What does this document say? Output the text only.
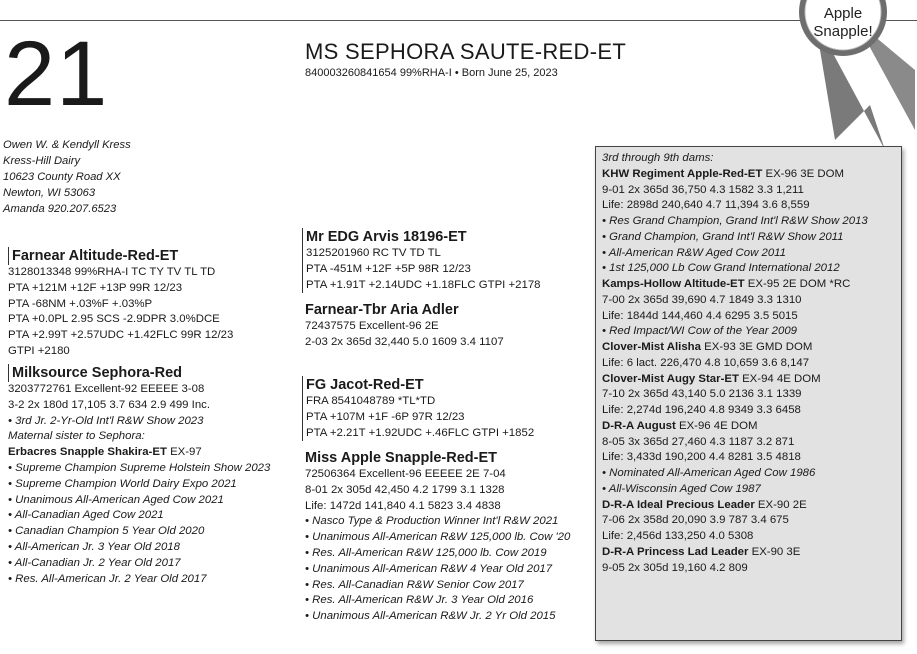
Apple
Snapple!
21	MS SEPHORA SAUTE-RED-ET
840003260841654 99%RHA-I • Born June 25, 2023
Owen W. & Kendyll Kress
Kress-Hill Dairy
10623 County Road XX
Newton, WI 53063
Amanda 920.207.6523
Farnear Altitude-Red-ET
3128013348 99%RHA-I TC TY TV TL TD
PTA +121M +12F +13P 99R 12/23
PTA -68NM +.03%F +.03%P
PTA +0.0PL 2.95 SCS -2.9DPR 3.0%DCE
PTA +2.99T +2.57UDC +1.42FLC 99R 12/23
GTPI +2180
Milksource Sephora-Red
3203772761 Excellent-92 EEEEE 3-08
3-2 2x 180d 17,105 3.7 634 2.9 499 Inc.
• 3rd Jr. 2-Yr-Old Int'l R&W Show 2023
Maternal sister to Sephora:
Erbacres Snapple Shakira-ET EX-97
• Supreme Champion Supreme Holstein Show 2023
• Supreme Champion World Dairy Expo 2021
• Unanimous All-American Aged Cow 2021
• All-Canadian Aged Cow 2021
• Canadian Champion 5 Year Old 2020
• All-American Jr. 3 Year Old 2018
• All-Canadian Jr. 2 Year Old 2017
• Res. All-American Jr. 2 Year Old 2017
Mr EDG Arvis 18196-ET
3125201960 RC TV TD TL
PTA -451M +12F +5P 98R 12/23
PTA +1.91T +2.14UDC +1.18FLC GTPI +2178
Farnear-Tbr Aria Adler
72437575 Excellent-96 2E
2-03 2x 365d 32,440 5.0 1609 3.4 1107
FG Jacot-Red-ET
FRA 8541048789 *TL*TD
PTA +107M +1F -6P 97R 12/23
PTA +2.21T +1.92UDC +.46FLC GTPI +1852
Miss Apple Snapple-Red-ET
72506364 Excellent-96 EEEEE 2E 7-04
8-01 2x 305d 42,450 4.2 1799 3.1 1328
Life: 1472d 141,840 4.1 5823 3.4 4838
• Nasco Type & Production Winner Int'l R&W 2021
• Unanimous All-American R&W 125,000 lb. Cow '20
• Res. All-American R&W 125,000 lb. Cow 2019
• Unanimous All-American R&W 4 Year Old 2017
• Res. All-Canadian R&W Senior Cow 2017
• Res. All-American R&W Jr. 3 Year Old 2016
• Unanimous All-American R&W Jr. 2 Yr Old 2015
3rd through 9th dams:
KHW Regiment Apple-Red-ET EX-96 3E DOM
9-01 2x 365d 36,750 4.3 1582 3.3 1,211
Life: 2898d 240,640 4.7 11,394 3.6 8,559
• Res Grand Champion, Grand Int'l R&W Show 2013
• Grand Champion, Grand Int'l R&W Show 2011
• All-American R&W Aged Cow 2011
• 1st 125,000 Lb Cow Grand International 2012
Kamps-Hollow Altitude-ET EX-95 2E DOM *RC
7-00 2x 365d 39,690 4.7 1849 3.3 1310
Life: 1844d 144,460 4.4 6295 3.5 5015
• Red Impact/WI Cow of the Year 2009
Clover-Mist Alisha EX-93 3E GMD DOM
Life: 6 lact. 226,470 4.8 10,659 3.6 8,147
Clover-Mist Augy Star-ET EX-94 4E DOM
7-10 2x 365d 43,140 5.0 2136 3.1 1339
Life: 2,274d 196,240 4.8 9349 3.3 6458
D-R-A August EX-96 4E DOM
8-05 3x 365d 27,460 4.3 1187 3.2 871
Life: 3,433d 190,200 4.4 8281 3.5 4818
• Nominated All-American Aged Cow 1986
• All-Wisconsin Aged Cow 1987
D-R-A Ideal Precious Leader EX-90 2E
7-06 2x 358d 20,090 3.9 787 3.4 675
Life: 2,456d 133,250 4.0 5308
D-R-A Princess Lad Leader EX-90 3E
9-05 2x 305d 19,160 4.2 809
